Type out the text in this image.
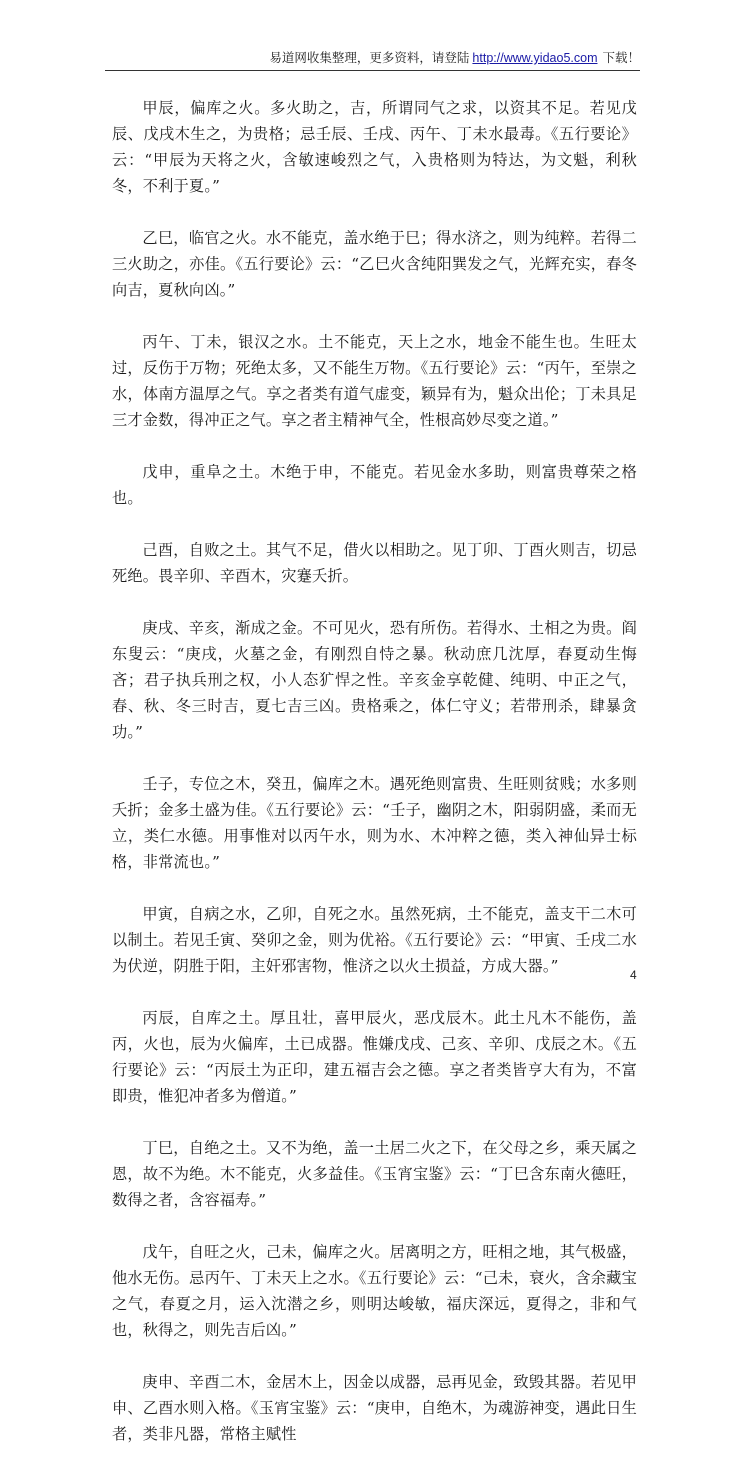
易道网收集整理，更多资料，请登陆 http://www.yidao5.com 下载！

甲辰，偏库之火。多火助之，吉，所谓同气之求，以资其不足。若见戊辰、戊戌木生之，为贵格；忌壬辰、壬戌、丙午、丁未水最毒。《五行要论》云：“甲辰为天将之火，含敏速峻烈之气，入贵格则为特达，为文魁，利秋冬，不利于夏。”

乙巳，临官之火。水不能克，盖水绝于巳；得水济之，则为纯粹。若得二三火助之，亦佳。《五行要论》云：“乙巳火含纯阳巽发之气，光辉充实，春冬向吉，夏秋向凶。”

丙午、丁未，银汉之水。土不能克，天上之水，地金不能生也。生旺太过，反伤于万物；死绝太多，又不能生万物。《五行要论》云：“丙午，至崇之水，体南方温厚之气。享之者类有道气虚变，颖异有为，魁众出伦；丁未具足三才金数，得冲正之气。享之者主精神气全，性根高妙尽变之道。”

戊申，重阜之土。木绝于申，不能克。若见金水多助，则富贵尊荣之格也。

己酉，自败之土。其气不足，借火以相助之。见丁卯、丁酉火则吉，切忌死绝。畏辛卯、辛酉木，灾蹇夭折。

庚戌、辛亥，渐成之金。不可见火，恐有所伤。若得水、土相之为贵。阎东叟云：“庚戌，火墓之金，有刚烈自恃之暴。秋动庶几沈厚，春夏动生悔吝；君子执兵刑之权，小人态犷悍之性。辛亥金享乾健、纯明、中正之气，春、秋、冬三时吉，夏七吉三凶。贵格乘之，体仁守义；若带刑杀，肆暴贪功。”

壬子，专位之木，癸丑，偏库之木。遇死绝则富贵、生旺则贫贱；水多则夭折；金多土盛为佳。《五行要论》云：“壬子，幽阴之木，阳弱阴盛，柔而无立，类仁水德。用事惟对以丙午水，则为水、木冲粹之德，类入神仙异士标格，非常流也。”

甲寅，自病之水，乙卯，自死之水。虽然死病，土不能克，盖支干二木可以制土。若见壬寅、癸卯之金，则为优裕。《五行要论》云：“甲寅、壬戌二水为伏逆，阴胜于阳，主奸邪害物，惟济之以火土损益，方成大器。”

丙辰，自库之土。厚且壮，喜甲辰火，恶戊辰木。此土凡木不能伤，盖丙，火也，辰为火偏库，土已成器。惟嫌戊戌、己亥、辛卯、戊辰之木。《五行要论》云：“丙辰土为正印，建五福吉会之德。享之者类皆亨大有为，不富即贵，惟犯冲者多为僧道。”

丁巳，自绝之土。又不为绝，盖一土居二火之下，在父母之乡，乘天属之恩，故不为绝。木不能克，火多益佳。《玉宵宝鉴》云：“丁巳含东南火德旺，数得之者，含容福寿。”

戊午，自旺之火，己未，偏库之火。居离明之方，旺相之地，其气极盛，他水无伤。忌丙午、丁未天上之水。《五行要论》云：“己未，衰火，含余藏宝之气，春夏之月，运入沈潜之乡，则明达峻敏，福庆深远，夏得之，非和气也，秋得之，则先吉后凶。”

庚申、辛酉二木，金居木上，因金以成器，忌再见金，致毁其器。若见甲申、乙酉水则入格。《玉宵宝鉴》云：“庚申，自绝木，为魂游神变，遇此日生者，类非凡器，常格主赋性

4
